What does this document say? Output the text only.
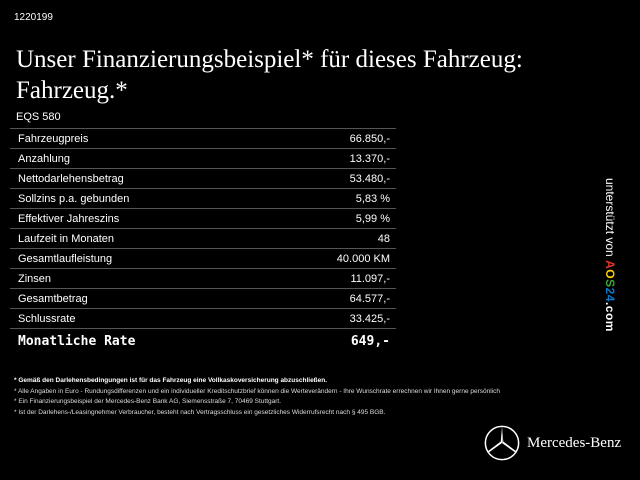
1220199
Unser Finanzierungsbeispiel* für dieses Fahrzeug: Fahrzeug.*
EQS 580
Fahrzeugpreis	66.850,-
Anzahlung	13.370,-
Nettodarlehensbetrag	53.480,-
Sollzins p.a. gebunden	5,83 %
Effektiver Jahreszins	5,99 %
Laufzeit in Monaten	48
Gesamtlaufleistung	40.000 KM
Zinsen	11.097,-
Gesamtbetrag	64.577,-
Schlussrate	33.425,-
Monatliche Rate	649,-
unterstützt von AOS24.com
* Gemäß den Darlehensbedingungen ist für das Fahrzeug eine Vollkaskoversicherung abzuschließen.
* Alle Angaben in Euro - Rundungsdifferenzen und ein individueller Kreditschutzbrief können die Werteverändern - Ihre Wunschrate errechnen wir Ihnen gerne persönlich
* Ein Finanzierungsbeispiel der Mercedes-Benz Bank AG, Siemensstraße 7, 70469 Stuttgart.
* Ist der Darlehens-/Leasingnehmer Verbraucher, besteht nach Vertragsschluss ein gesetzliches Widerrufsrecht nach § 495 BGB.
Mercedes-Benz
